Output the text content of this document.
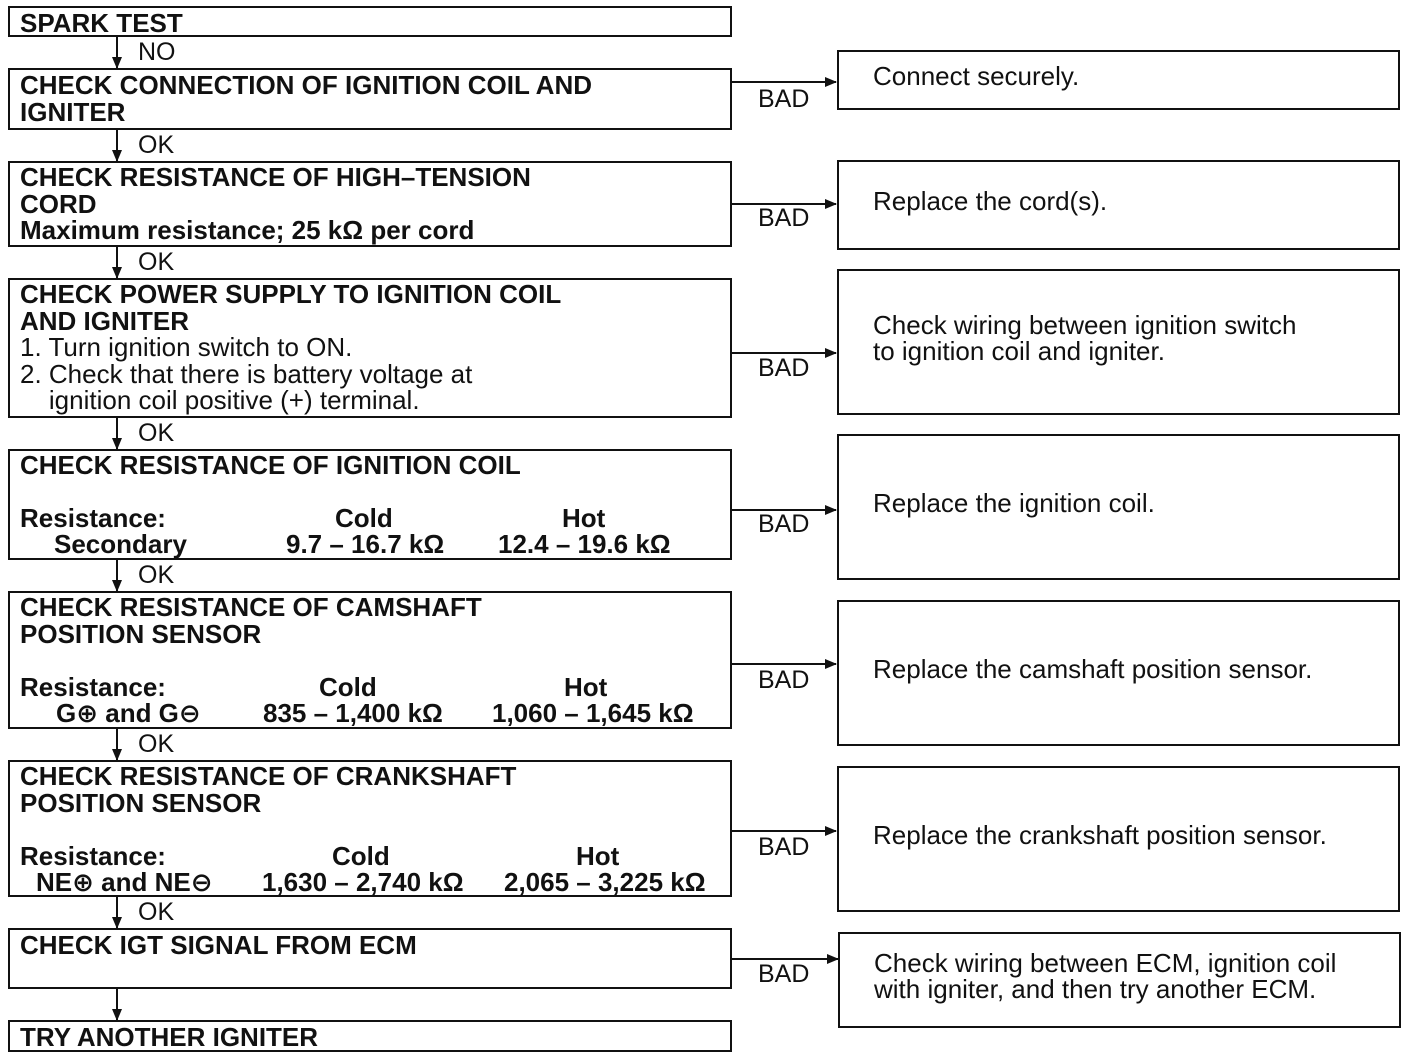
NO
OK
OK
OK
OK
OK
OK
BAD
BAD
BAD
BAD
BAD
BAD
BAD
SPARK TEST
CHECK CONNECTION OF IGNITION COIL AND
IGNITER
CHECK RESISTANCE OF HIGH–TENSION
CORD
Maximum resistance; 25 kΩ per cord
CHECK POWER SUPPLY TO IGNITION COIL
AND IGNITER
1. Turn ignition switch to ON.
2. Check that there is battery voltage at
ignition coil positive (+) terminal.
CHECK RESISTANCE OF IGNITION COIL
Resistance:	Cold	Hot
Secondary	9.7 – 16.7 kΩ 12.4 – 19.6 kΩ
CHECK RESISTANCE OF CAMSHAFT
POSITION SENSOR
Resistance:	Cold	Hot
G⊕ and G⊖ 835 – 1,400 kΩ 1,060 – 1,645 kΩ
CHECK RESISTANCE OF CRANKSHAFT
POSITION SENSOR
Resistance:	Cold	Hot
NE⊕ and NE⊖ 1,630 – 2,740 kΩ 2,065 – 3,225 kΩ
CHECK IGT SIGNAL FROM ECM
TRY ANOTHER IGNITER
Connect securely.
Replace the cord(s).
Check wiring between ignition switch
to ignition coil and igniter.
Replace the ignition coil.
Replace the camshaft position sensor.
Replace the crankshaft position sensor.
Check wiring between ECM, ignition coil
with igniter, and then try another ECM.
